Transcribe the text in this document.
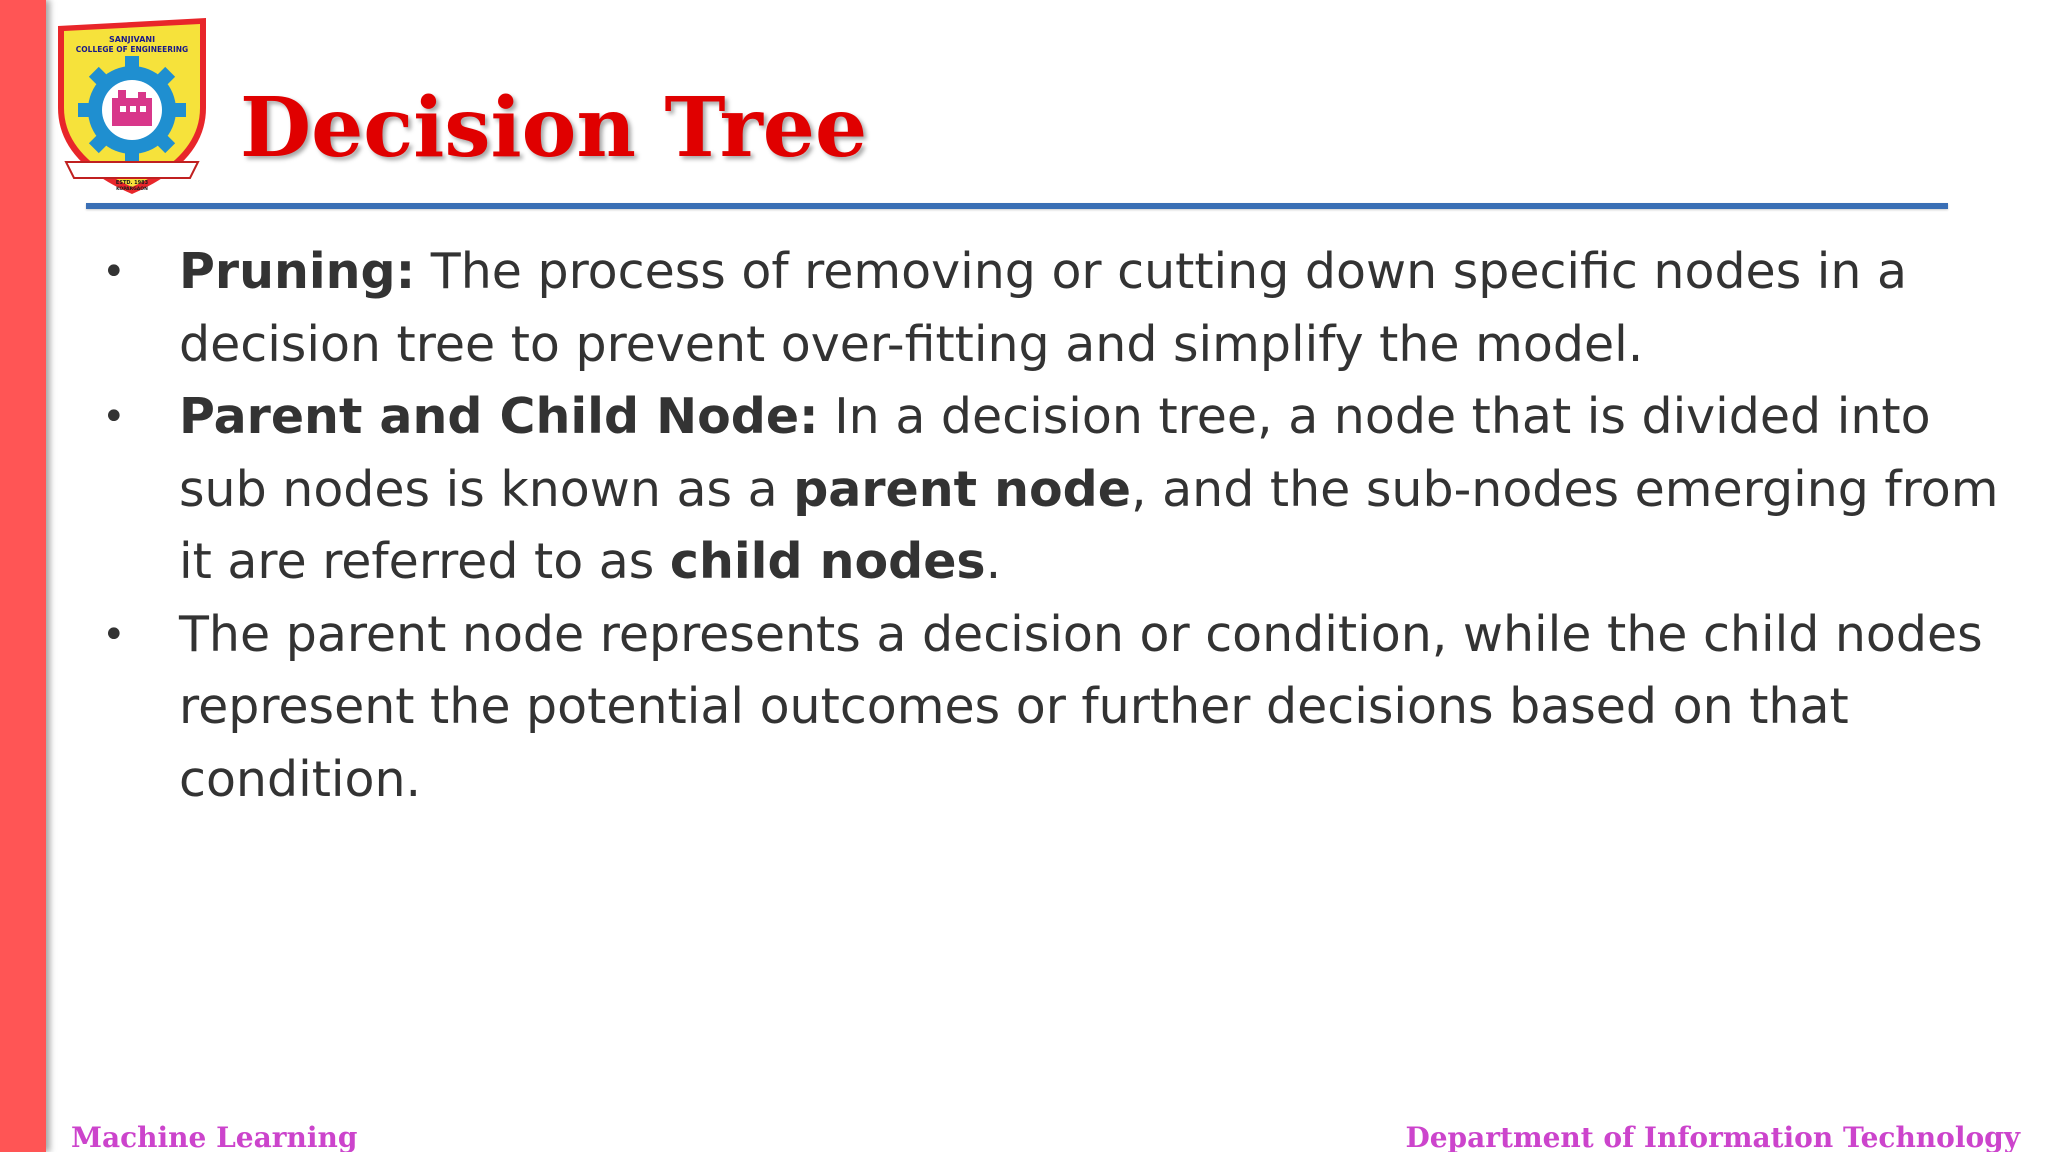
SANJIVANI
COLLEGE OF ENGINEERING
ESTD. 1983
KOPARGAON
Decision Tree
• Pruning: The process of removing or cutting down specific nodes in a decision tree to prevent over-fitting and simplify the model.
• Parent and Child Node: In a decision tree, a node that is divided into sub nodes is known as a parent node, and the sub-nodes emerging from it are referred to as child nodes.
• The parent node represents a decision or condition, while the child nodes represent the potential outcomes or further decisions based on that condition.
Machine Learning	Department of Information Technology
